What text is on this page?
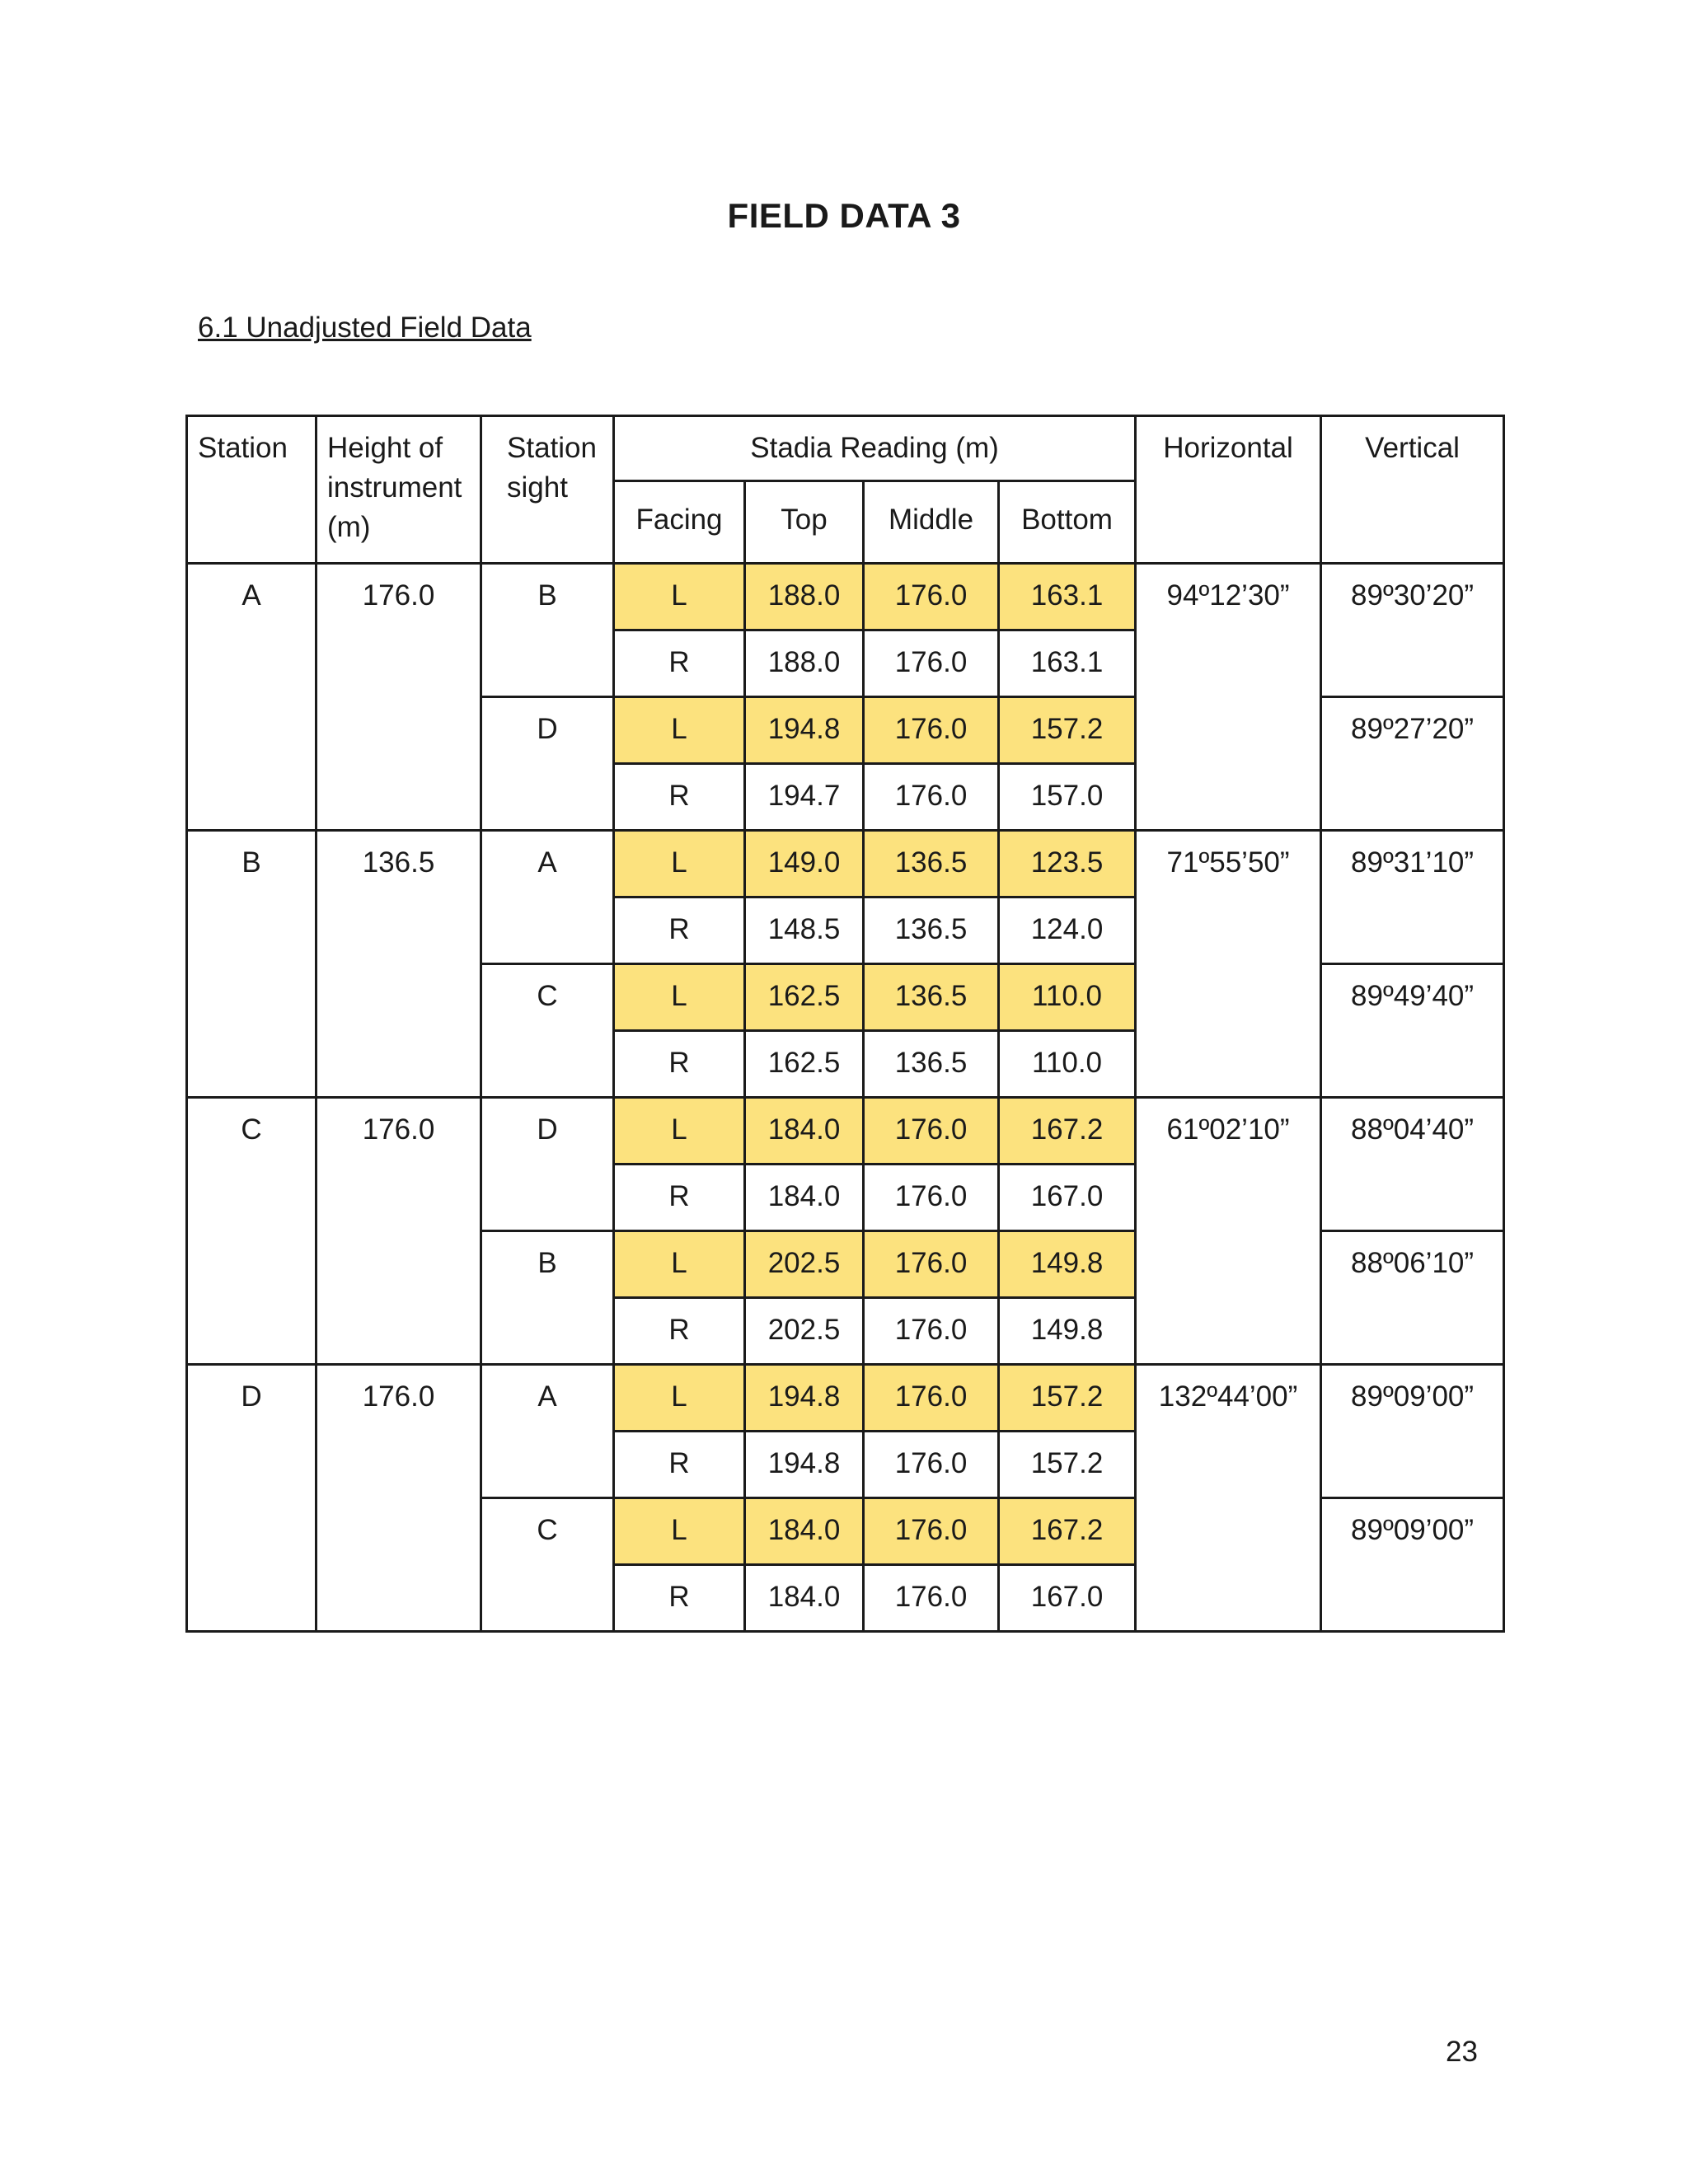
FIELD DATA 3
6.1 Unadjusted Field Data
Station	Height of instrument (m)	Station sight	Stadia Reading (m)				Horizontal	Vertical

			Facing	Top	Middle	Bottom		

A	176.0	B	L	188.0	176.0	163.1	94º12’30”	89º30’20”

			R	188.0	176.0	163.1		

		D	L	194.8	176.0	157.2		89º27’20”

			R	194.7	176.0	157.0		

B	136.5	A	L	149.0	136.5	123.5	71º55’50”	89º31’10”

			R	148.5	136.5	124.0		

		C	L	162.5	136.5	110.0		89º49’40”

			R	162.5	136.5	110.0		

C	176.0	D	L	184.0	176.0	167.2	61º02’10”	88º04’40”

			R	184.0	176.0	167.0		

		B	L	202.5	176.0	149.8		88º06’10”

			R	202.5	176.0	149.8		

D	176.0	A	L	194.8	176.0	157.2	132º44’00”	89º09’00”

			R	194.8	176.0	157.2		

		C	L	184.0	176.0	167.2		89º09’00”

			R	184.0	176.0	167.0		
23
